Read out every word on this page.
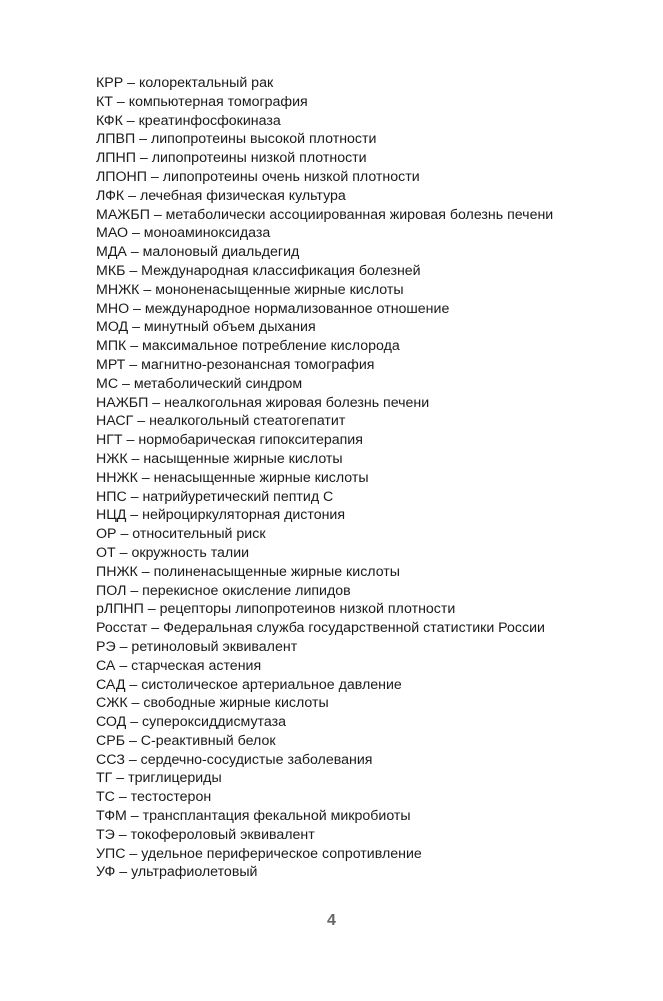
КРР – колоректальный рак
КТ – компьютерная томография
КФК – креатинфосфокиназа
ЛПВП – липопротеины высокой плотности
ЛПНП – липопротеины низкой плотности
ЛПОНП – липопротеины очень низкой плотности
ЛФК – лечебная физическая культура
МАЖБП – метаболически ассоциированная жировая болезнь печени
МАО – моноаминоксидаза
МДА – малоновый диальдегид
МКБ – Международная классификация болезней
МНЖК – мононенасыщенные жирные кислоты
МНО – международное нормализованное отношение
МОД – минутный объем дыхания
МПК – максимальное потребление кислорода
МРТ – магнитно-резонансная томография
МС – метаболический синдром
НАЖБП – неалкогольная жировая болезнь печени
НАСГ – неалкогольный стеатогепатит
НГТ – нормобарическая гипокситерапия
НЖК – насыщенные жирные кислоты
ННЖК – ненасыщенные жирные кислоты
НПС – натрийуретический пептид С
НЦД – нейроциркуляторная дистония
ОР – относительный риск
ОТ – окружность талии
ПНЖК – полиненасыщенные жирные кислоты
ПОЛ – перекисное окисление липидов
рЛПНП – рецепторы липопротеинов низкой плотности
Росстат – Федеральная служба государственной статистики России
РЭ – ретиноловый эквивалент
СА – старческая астения
САД – систолическое артериальное давление
СЖК – свободные жирные кислоты
СОД – супероксиддисмутаза
СРБ – С-реактивный белок
ССЗ – сердечно-сосудистые заболевания
ТГ – триглицериды
ТС – тестостерон
ТФМ – трансплантация фекальной микробиоты
ТЭ – токофероловый эквивалент
УПС – удельное периферическое сопротивление
УФ – ультрафиолетовый
4
